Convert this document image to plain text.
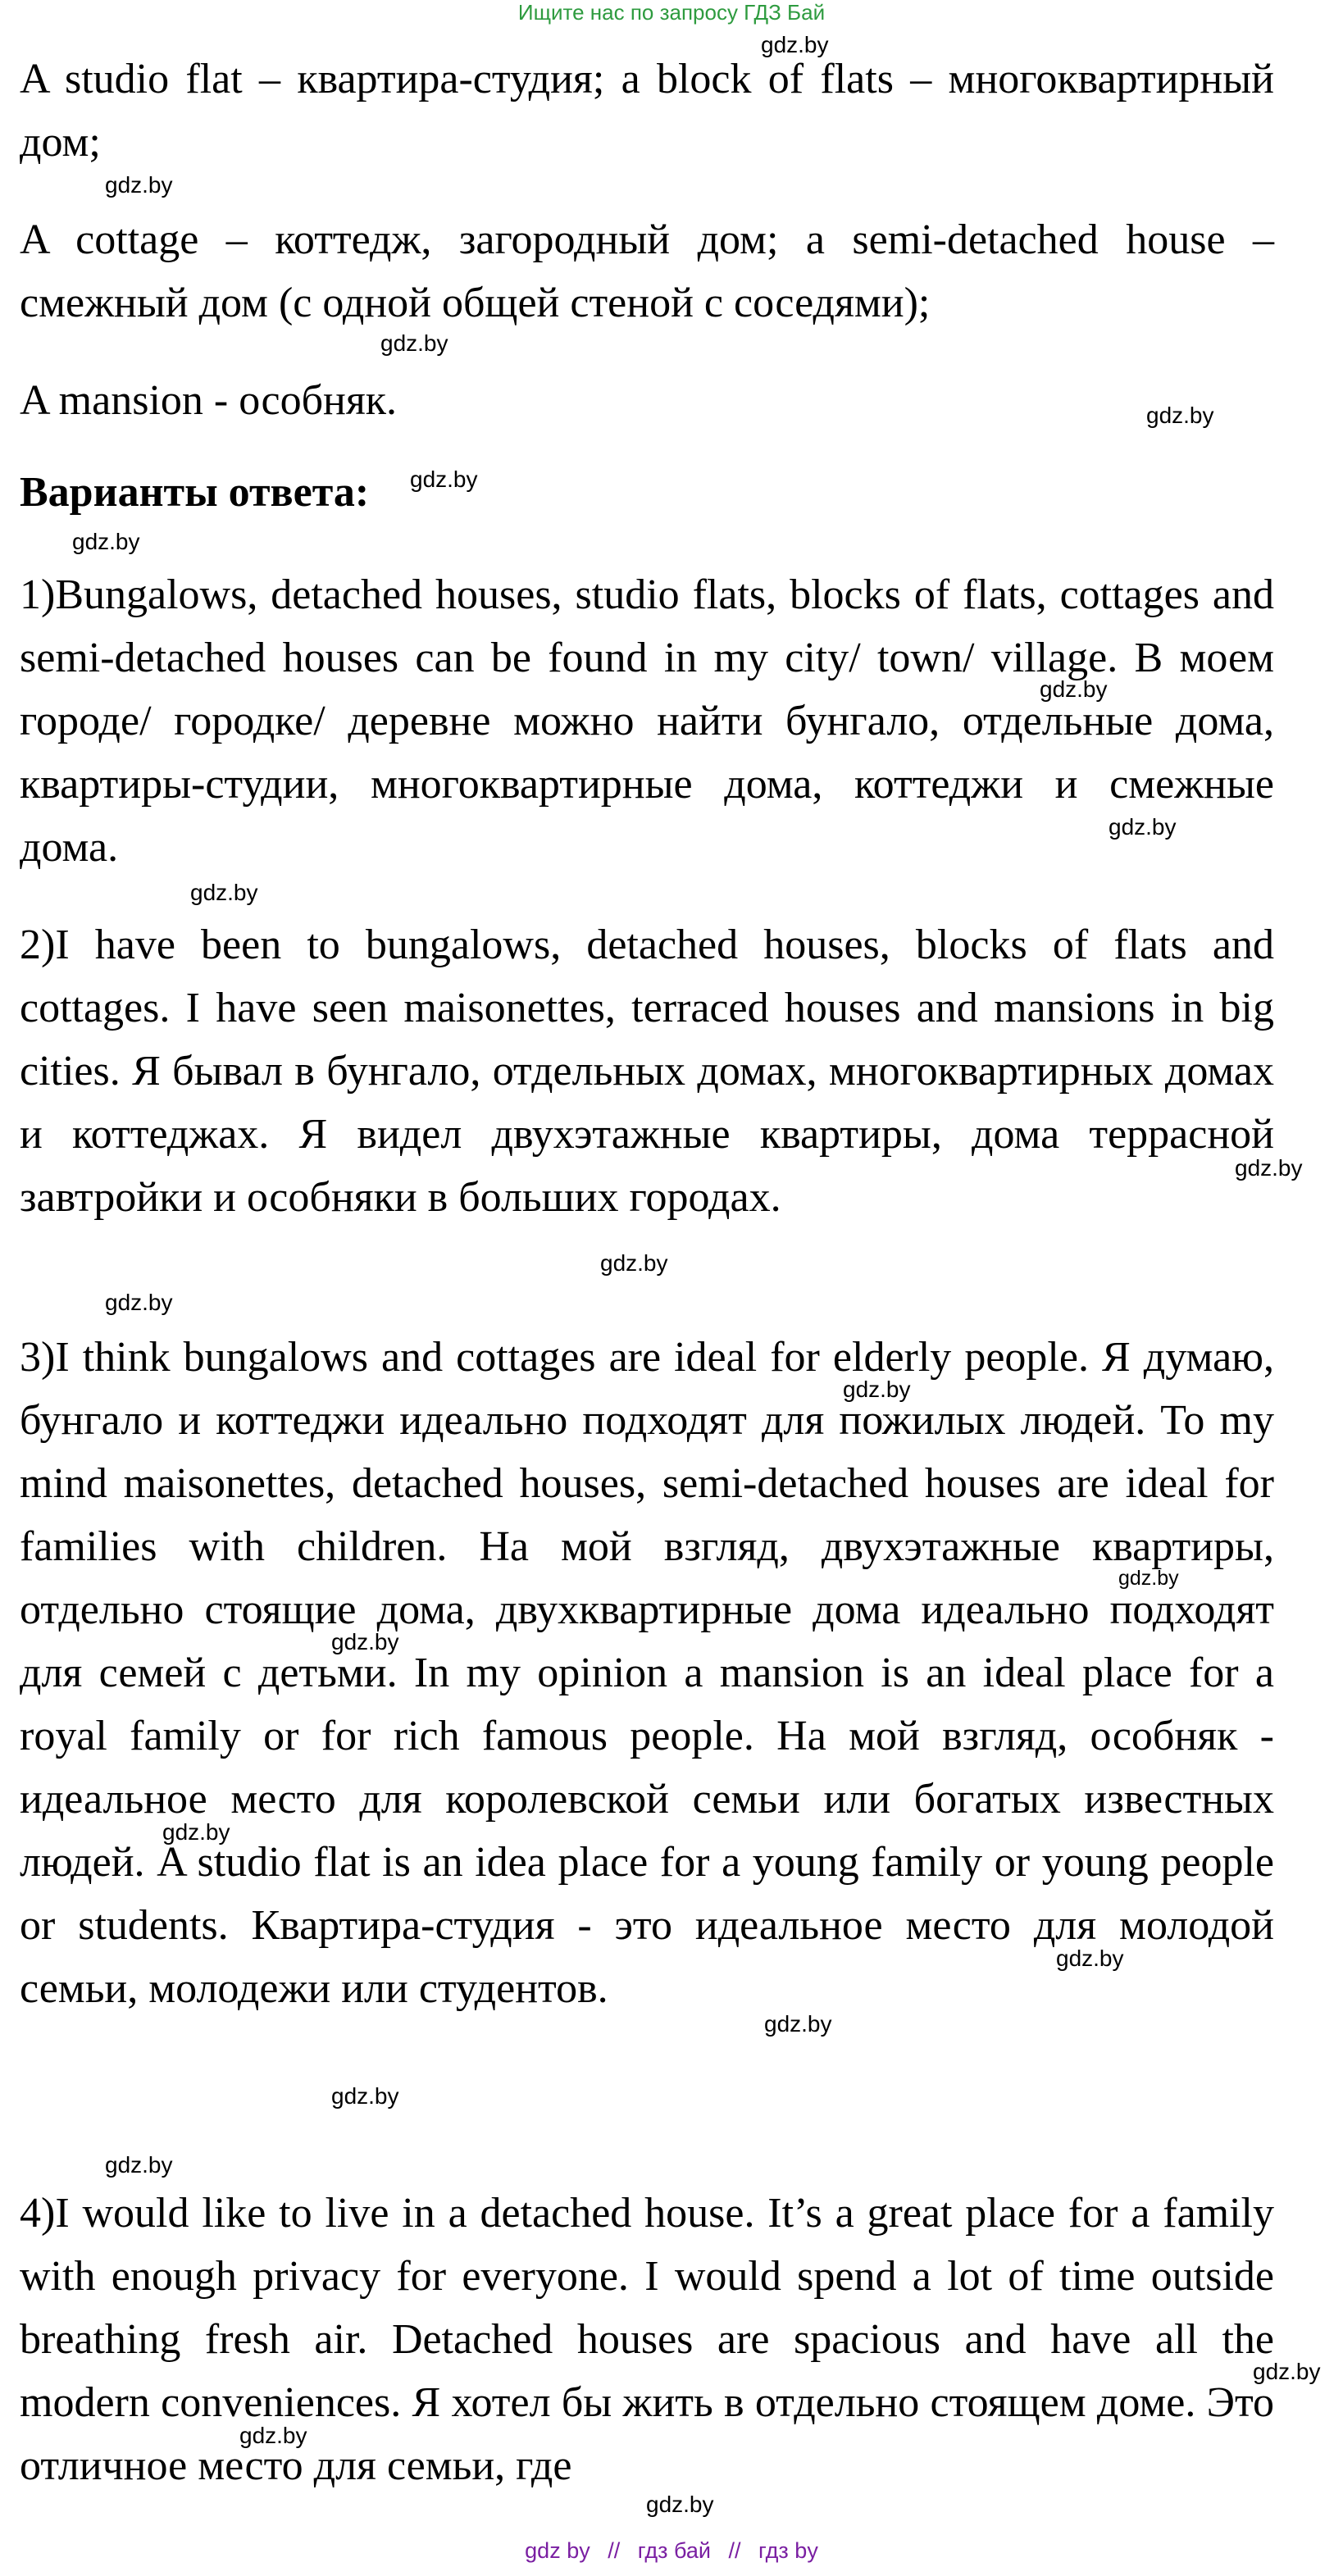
Ищите нас по запросу ГДЗ Бай

A studio flat – квартира-студия; a block of flats – многоквартирный дом;

A cottage – коттедж, загородный дом; a semi-detached house – смежный дом (с одной общей стеной с соседями);

A mansion - особняк.

Варианты ответа:

1)Bungalows, detached houses, studio flats, blocks of flats, cottages and semi-detached houses can be found in my city/ town/ village. В моем городе/ городке/ деревне можно найти бунгало, отдельные дома, квартиры-студии, многоквартирные дома, коттеджи и смежные дома.

2)I have been to bungalows, detached houses, blocks of flats and cottages. I have seen maisonettes, terraced houses and mansions in big cities. Я бывал в бунгало, отдельных домах, многоквартирных домах и коттеджах. Я видел двухэтажные квартиры, дома террасной завтройки и особняки в больших городах.

3)I think bungalows and cottages are ideal for elderly people. Я думаю, бунгало и коттеджи идеально подходят для пожилых людей. To my mind maisonettes, detached houses, semi-detached houses are ideal for families with children. На мой взгляд, двухэтажные квартиры, отдельно стоящие дома, двухквартирные дома идеально подходят для семей с детьми. In my opinion a mansion is an ideal place for a royal family or for rich famous people. На мой взгляд, особняк - идеальное место для королевской семьи или богатых известных людей. A studio flat is an idea place for a young family or young people or students. Квартира-студия - это идеальное место для молодой семьи, молодежи или студентов.

4)I would like to live in a detached house. It’s a great place for a family with enough privacy for everyone. I would spend a lot of time outside breathing fresh air. Detached houses are spacious and have all the modern conveniences. Я хотел бы жить в отдельно стоящем доме. Это отличное место для семьи, где

gdz.by
gdz.by
gdz.by
gdz.by
gdz.by
gdz.by
gdz.by
gdz.by
gdz.by
gdz.by
gdz.by
gdz.by
gdz.by
gdz.by
gdz.by
gdz.by
gdz.by
gdz.by
gdz.by
gdz.by
gdz.by
gdz.by
gdz.by
gdz by // гдз бай // гдз by
